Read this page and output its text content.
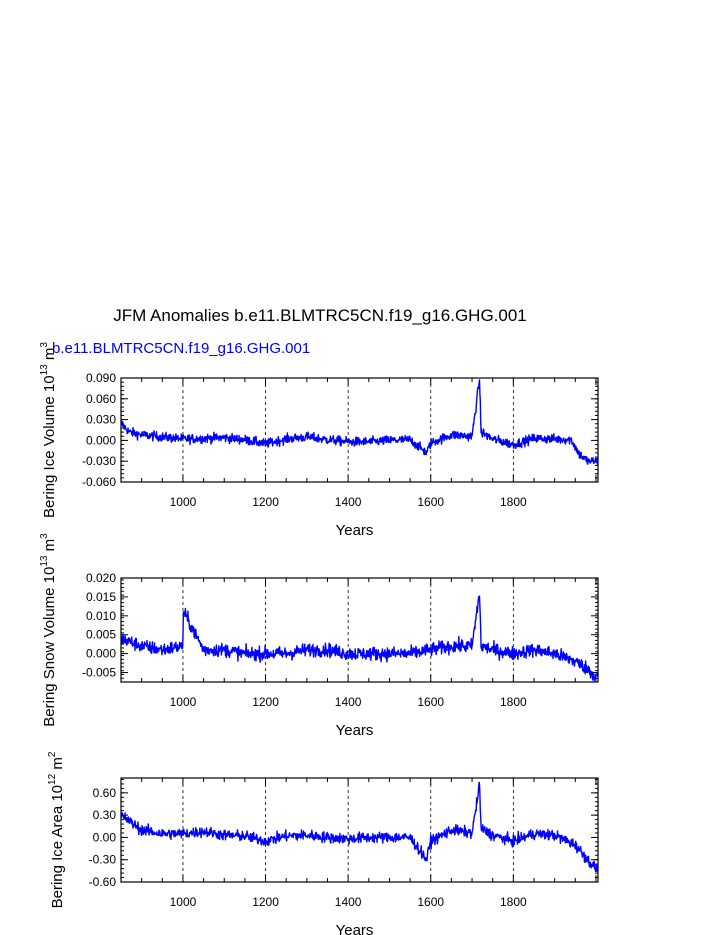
JFM Anomalies b.e11.BLMTRC5CN.f19_g16.GHG.001
b.e11.BLMTRC5CN.f19_g16.GHG.001
0.090
0.060
0.030
0.000
-0.030
-0.060
1000	1200	1400	1600	1800
Years
Bering Ice Volume $10^{13}$ $m^3$
0.020
0.015
0.010
0.005
0.000
-0.005
1000	1200	1400	1600	1800
Years
Bering Snow Volume $10^{13}$ $m^3$
0.60
0.30
0.00
-0.30
-0.60
1000	1200	1400	1600	1800
Years
Bering Ice Area $10^{12}$ $m^2$
